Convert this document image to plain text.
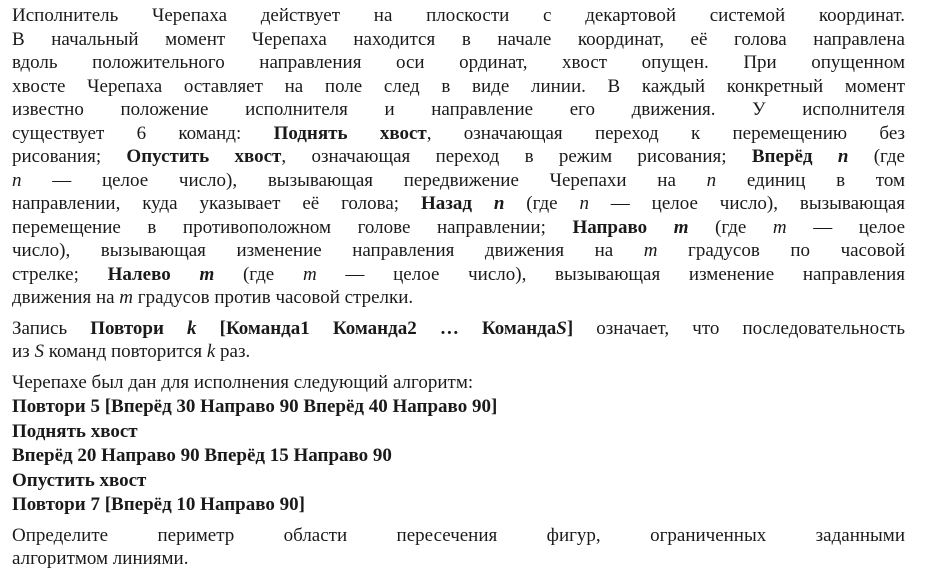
Исполнитель Черепаха действует на плоскости с декартовой системой координат.
В начальный момент Черепаха находится в начале координат, её голова направлена
вдоль положительного направления оси ординат, хвост опущен. При опущенном
хвосте Черепаха оставляет на поле след в виде линии. В каждый конкретный момент
известно положение исполнителя и направление его движения. У исполнителя
существует 6 команд: Поднять хвост, означающая переход к перемещению без
рисования; Опустить хвост, означающая переход в режим рисования; Вперёд n (где
n — целое число), вызывающая передвижение Черепахи на n единиц в том
направлении, куда указывает её голова; Назад n (где n — целое число), вызывающая
перемещение в противоположном голове направлении; Направо m (где m — целое
число), вызывающая изменение направления движения на m градусов по часовой
стрелке; Налево m (где m — целое число), вызывающая изменение направления
движения на m градусов против часовой стрелки.

Запись Повтори k [Команда1 Команда2 … КомандаS] означает, что последовательность
из S команд повторится k раз.

Черепахе был дан для исполнения следующий алгоритм:
Повтори 5 [Вперёд 30 Направо 90 Вперёд 40 Направо 90]
Поднять хвост
Вперёд 20 Направо 90 Вперёд 15 Направо 90
Опустить хвост
Повтори 7 [Вперёд 10 Направо 90]

Определите периметр области пересечения фигур, ограниченных заданными
алгоритмом линиями.
